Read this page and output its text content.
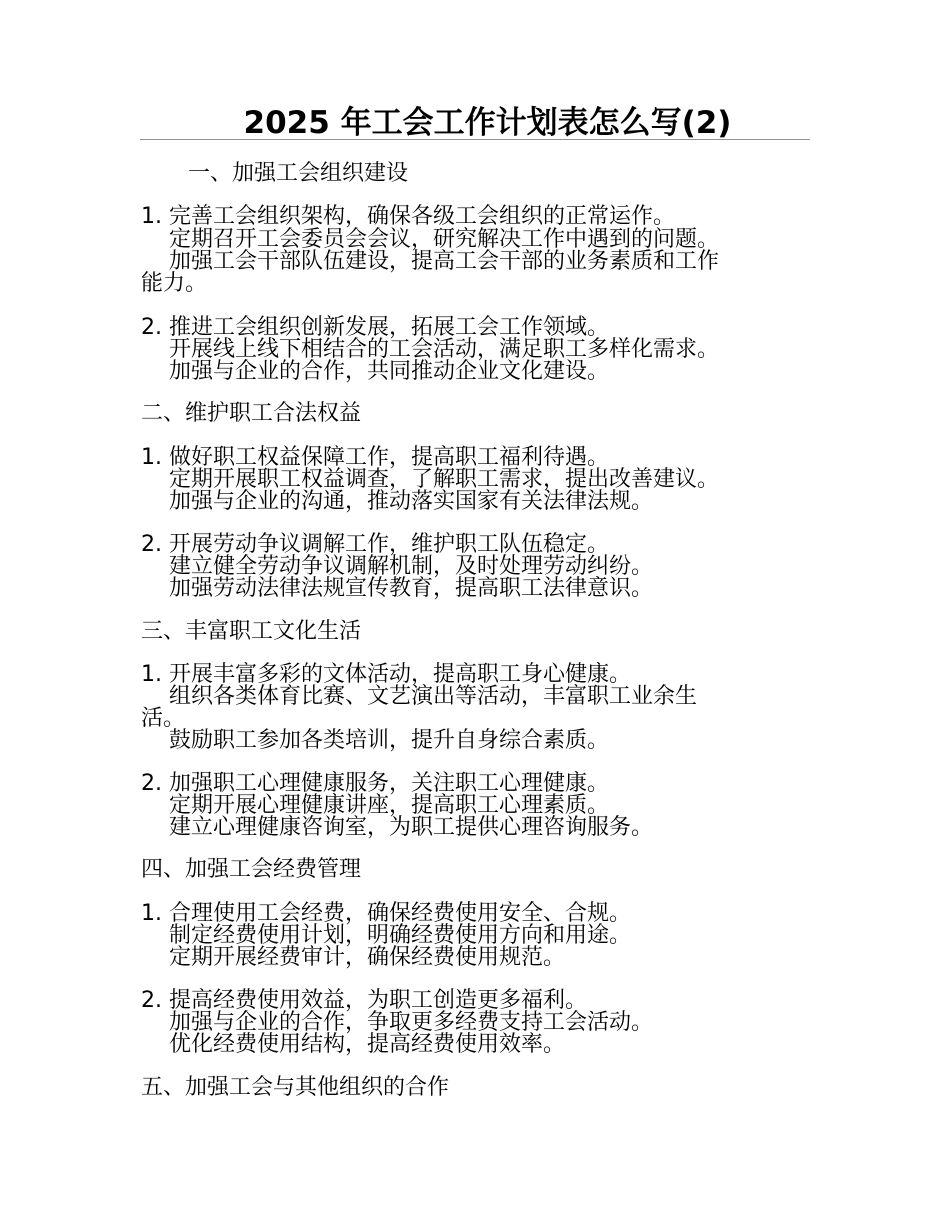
2025 年工会工作计划表怎么写(2)
一、加强工会组织建设
1. 完善工会组织架构，确保各级工会组织的正常运作。
定期召开工会委员会会议，研究解决工作中遇到的问题。
加强工会干部队伍建设，提高工会干部的业务素质和工作
能力。
2. 推进工会组织创新发展，拓展工会工作领域。
开展线上线下相结合的工会活动，满足职工多样化需求。
加强与企业的合作，共同推动企业文化建设。
二、维护职工合法权益
1. 做好职工权益保障工作，提高职工福利待遇。
定期开展职工权益调查，了解职工需求，提出改善建议。
加强与企业的沟通，推动落实国家有关法律法规。
2. 开展劳动争议调解工作，维护职工队伍稳定。
建立健全劳动争议调解机制，及时处理劳动纠纷。
加强劳动法律法规宣传教育，提高职工法律意识。
三、丰富职工文化生活
1. 开展丰富多彩的文体活动，提高职工身心健康。
组织各类体育比赛、文艺演出等活动，丰富职工业余生
活。
鼓励职工参加各类培训，提升自身综合素质。
2. 加强职工心理健康服务，关注职工心理健康。
定期开展心理健康讲座，提高职工心理素质。
建立心理健康咨询室，为职工提供心理咨询服务。
四、加强工会经费管理
1. 合理使用工会经费，确保经费使用安全、合规。
制定经费使用计划，明确经费使用方向和用途。
定期开展经费审计，确保经费使用规范。
2. 提高经费使用效益，为职工创造更多福利。
加强与企业的合作，争取更多经费支持工会活动。
优化经费使用结构，提高经费使用效率。
五、加强工会与其他组织的合作
